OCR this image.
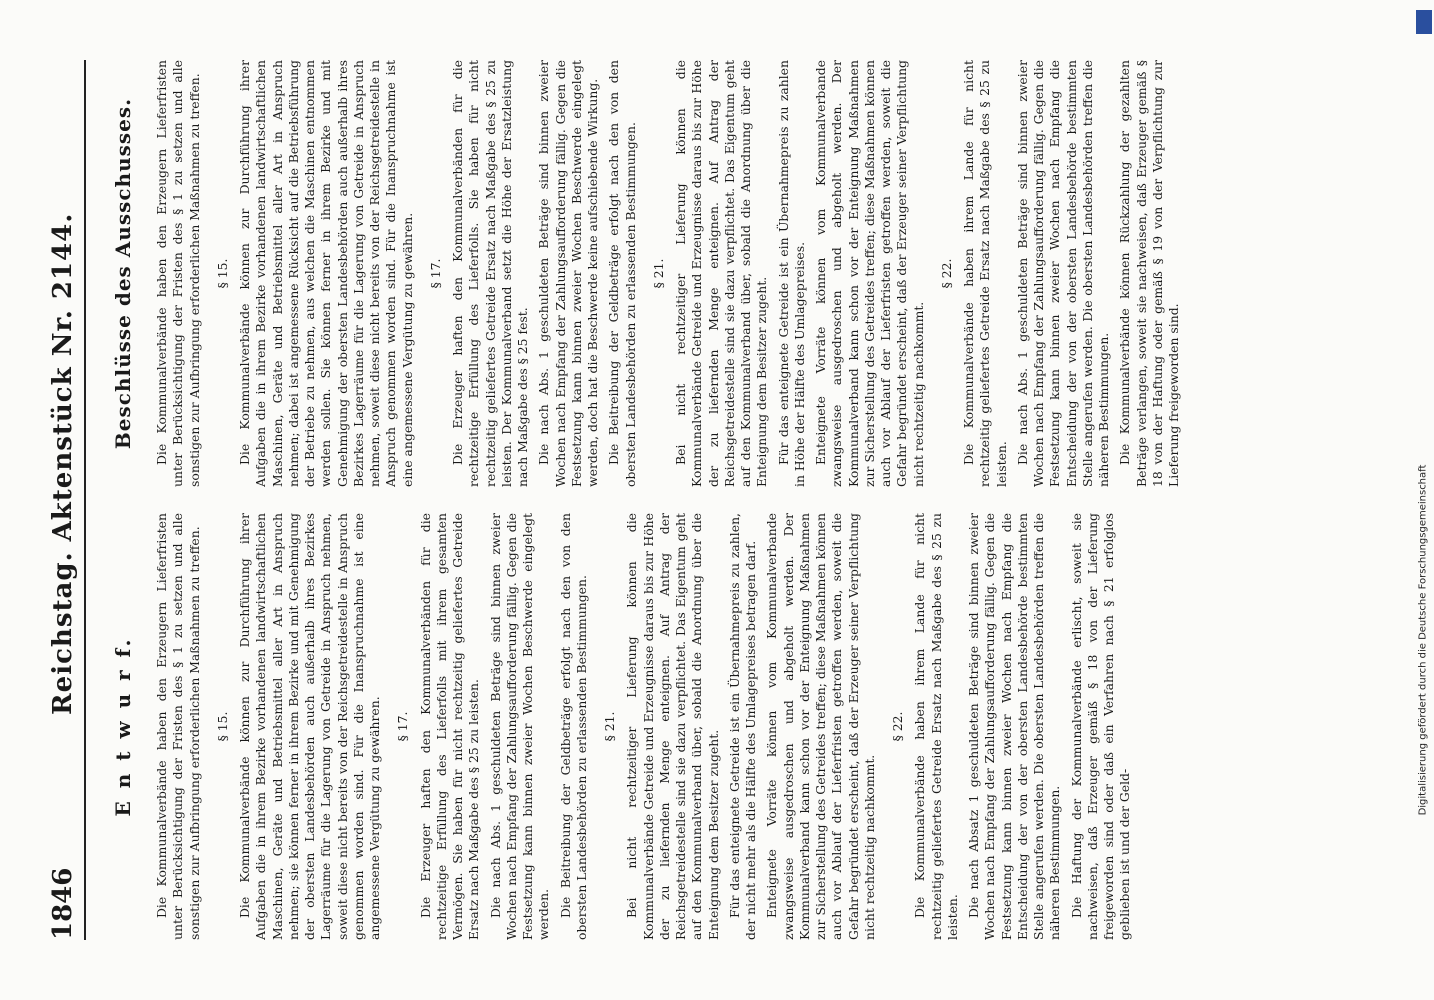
1846
Reichstag. Aktenstück Nr. 2144.
E n t w u r f. Die Kommunalverbände haben den Erzeugern Lieferfristen unter Berücksichtigung der Fristen des § 1 zu setzen und alle sonstigen zur Aufbringung erforderlichen Maßnahmen zu treffen. § 15. Die Kommunalverbände können zur Durchführung ihrer Aufgaben die in ihrem Bezirke vorhandenen landwirtschaftlichen Maschinen, Geräte und Betriebsmittel aller Art in Anspruch nehmen; sie können ferner in ihrem Bezirke und mit Genehmigung der obersten Landesbehörden auch außerhalb ihres Bezirkes Lagerräume für die Lagerung von Getreide in Anspruch nehmen, soweit diese nicht bereits von der Reichsgetreidestelle in Anspruch genommen worden sind. Für die Inanspruchnahme ist eine angemessene Vergütung zu gewähren. § 17. Die Erzeuger haften den Kommunalverbänden für die rechtzeitige Erfüllung des Lieferfolls mit ihrem gesamten Vermögen. Sie haben für nicht rechtzeitig geliefertes Getreide Ersatz nach Maßgabe des § 25 zu leisten. Die nach Abs. 1 geschuldeten Beträge sind binnen zweier Wochen nach Empfang der Zahlungsaufforderung fällig. Gegen die Festsetzung kann binnen zweier Wochen Beschwerde eingelegt werden. Die Beitreibung der Geldbeträge erfolgt nach den von den obersten Landesbehörden zu erlassenden Bestimmungen. § 21. Bei nicht rechtzeitiger Lieferung können die Kommunalverbände Getreide und Erzeugnisse daraus bis zur Höhe der zu liefernden Menge enteignen. Auf Antrag der Reichsgetreidestelle sind sie dazu verpflichtet. Das Eigentum geht auf den Kommunalverband über, sobald die Anordnung über die Enteignung dem Besitzer zugeht. Für das enteignete Getreide ist ein Übernahmepreis zu zahlen, der nicht mehr als die Hälfte des Umlagepreises betragen darf. Enteignete Vorräte können vom Kommunalverbande zwangsweise ausgedroschen und abgeholt werden. Der Kommunalverband kann schon vor der Enteignung Maßnahmen zur Sicherstellung des Getreides treffen; diese Maßnahmen können auch vor Ablauf der Lieferfristen getroffen werden, soweit die Gefahr begründet erscheint, daß der Erzeuger seiner Verpflichtung nicht rechtzeitig nachkommt.

§ 22. Die Kommunalverbände haben ihrem Lande für nicht rechtzeitig geliefertes Getreide Ersatz nach Maßgabe des § 25 zu leisten. Die nach Absatz 1 geschuldeten Beträge sind binnen zweier Wochen nach Empfang der Zahlungsaufforderung fällig. Gegen die Festsetzung kann binnen zweier Wochen nach Empfang die Entscheidung der von der obersten Landesbehörde bestimmten Stelle angerufen werden. Die obersten Landesbehörden treffen die näheren Bestimmungen. Die Haftung der Kommunalverbände erlischt, soweit sie nachweisen, daß Erzeuger gemäß § 18 von der Lieferung freigeworden sind oder daß ein Verfahren nach § 21 erfolglos geblieben ist und der Geld-

Beschlüsse des Ausschusses. Die Kommunalverbände haben den Erzeugern Lieferfristen unter Berücksichtigung der Fristen des § 1 zu setzen und alle sonstigen zur Aufbringung erforderlichen Maßnahmen zu treffen. § 15. Die Kommunalverbände können zur Durchführung ihrer Aufgaben die in ihrem Bezirke vorhandenen landwirtschaftlichen Maschinen, Geräte und Betriebsmittel aller Art in Anspruch nehmen; dabei ist angemessene Rücksicht auf die Betriebsführung der Betriebe zu nehmen, aus welchen die Maschinen entnommen werden sollen. Sie können ferner in ihrem Bezirke und mit Genehmigung der obersten Landesbehörden auch außerhalb ihres Bezirkes Lagerräume für die Lagerung von Getreide in Anspruch nehmen, soweit diese nicht bereits von der Reichsgetreidestelle in Anspruch genommen worden sind. Für die Inanspruchnahme ist eine angemessene Vergütung zu gewähren. § 17. Die Erzeuger haften den Kommunalverbänden für die rechtzeitige Erfüllung des Lieferfolls. Sie haben für nicht rechtzeitig geliefertes Getreide Ersatz nach Maßgabe des § 25 zu leisten. Der Kommunalverband setzt die Höhe der Ersatzleistung nach Maßgabe des § 25 fest. Die nach Abs. 1 geschuldeten Beträge sind binnen zweier Wochen nach Empfang der Zahlungsaufforderung fällig. Gegen die Festsetzung kann binnen zweier Wochen Beschwerde eingelegt werden, doch hat die Beschwerde keine aufschiebende Wirkung. Die Beitreibung der Geldbeträge erfolgt nach den von den obersten Landesbehörden zu erlassenden Bestimmungen. § 21. Bei nicht rechtzeitiger Lieferung können die Kommunalverbände Getreide und Erzeugnisse daraus bis zur Höhe der zu liefernden Menge enteignen. Auf Antrag der Reichsgetreidestelle sind sie dazu verpflichtet. Das Eigentum geht auf den Kommunalverband über, sobald die Anordnung über die Enteignung dem Besitzer zugeht. Für das enteignete Getreide ist ein Übernahmepreis zu zahlen in Höhe der Hälfte des Umlagepreises. Enteignete Vorräte können vom Kommunalverbande zwangsweise ausgedroschen und abgeholt werden. Der Kommunalverband kann schon vor der Enteignung Maßnahmen zur Sicherstellung des Getreides treffen; diese Maßnahmen können auch vor Ablauf der Lieferfristen getroffen werden, soweit die Gefahr begründet erscheint, daß der Erzeuger seiner Verpflichtung nicht rechtzeitig nachkommt.

§ 22. Die Kommunalverbände haben ihrem Lande für nicht rechtzeitig geliefertes Getreide Ersatz nach Maßgabe des § 25 zu leisten. Die nach Abs. 1 geschuldeten Beträge sind binnen zweier Wochen nach Empfang der Zahlungsaufforderung fällig. Gegen die Festsetzung kann binnen zweier Wochen nach Empfang die Entscheidung der von der obersten Landesbehörde bestimmten Stelle angerufen werden. Die obersten Landesbehörden treffen die näheren Bestimmungen. Die Kommunalverbände können Rückzahlung der gezahlten Beträge verlangen, soweit sie nachweisen, daß Erzeuger gemäß § 18 von der Haftung oder gemäß § 19 von der Verpflichtung zur Lieferung freigeworden sind.

Digitalisierung gefördert durch die Deutsche Forschungsgemeinschaft
